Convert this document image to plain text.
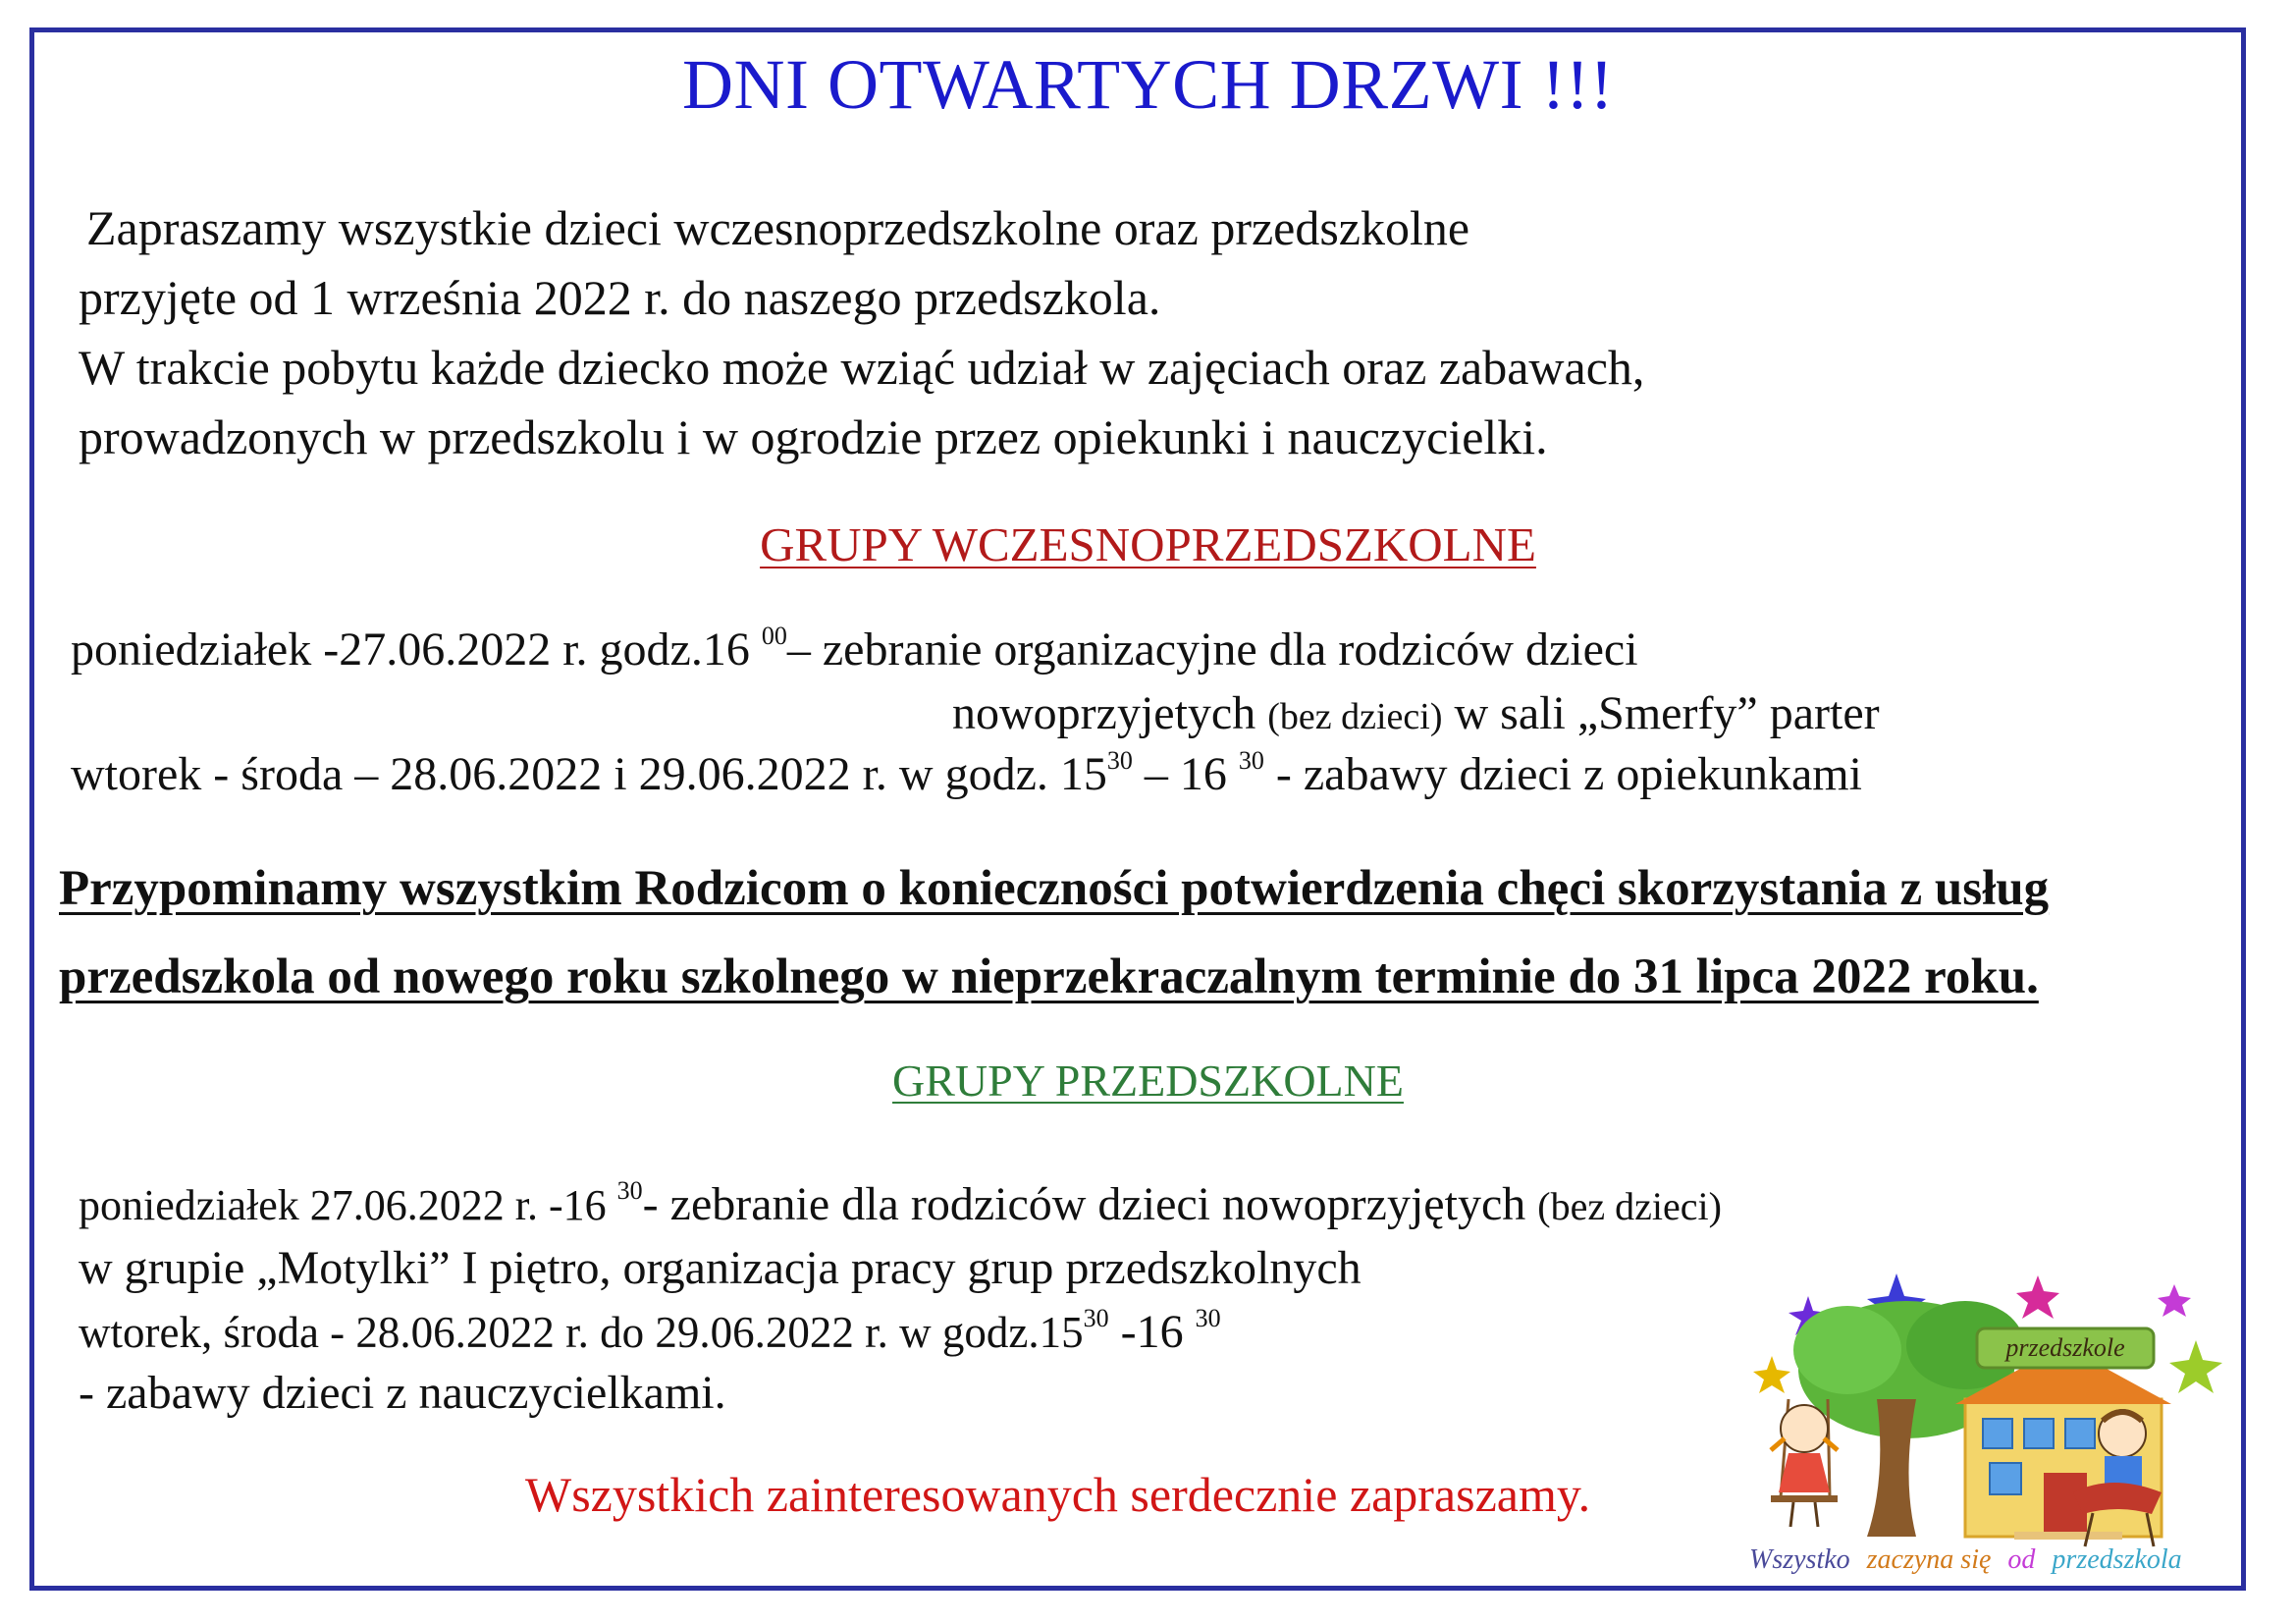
DNI OTWARTYCH DRZWI !!!
Zapraszamy wszystkie dzieci wczesnoprzedszkolne oraz przedszkolne
przyjęte od 1 września 2022 r. do naszego przedszkola.
W trakcie pobytu każde dziecko może wziąć udział w zajęciach oraz zabawach,
prowadzonych w przedszkolu i w ogrodzie przez opiekunki i nauczycielki.
GRUPY WCZESNOPRZEDSZKOLNE
poniedziałek -27.06.2022 r. godz.16 $^{00}$– zebranie organizacyjne dla rodziców dzieci
nowoprzyjetych (bez dzieci) w sali „Smerfy” parter
wtorek - środa – 28.06.2022 i 29.06.2022 r. w godz. $15^{30} - 16$ $^{30}$ - zabawy dzieci z opiekunkami
Przypominamy wszystkim Rodzicom o konieczności potwierdzenia chęci skorzystania z usług
przedszkola od nowego roku szkolnego w nieprzekraczalnym terminie do 31 lipca 2022 roku.
GRUPY PRZEDSZKOLNE
poniedziałek 27.06.2022 r. -16 $^{30}$- zebranie dla rodziców dzieci nowoprzyjętych (bez dzieci)
w grupie „Motylki” I piętro, organizacja pracy grup przedszkolnych
wtorek, środa - 28.06.2022 r. do 29.06.2022 r. w $godz.15^{30}$ -16 $^{30}$
- zabawy dzieci z nauczycielkami.
Wszystkich zainteresowanych serdecznie zapraszamy.
przedszkole
Wszystko zaczyna się od przedszkola
